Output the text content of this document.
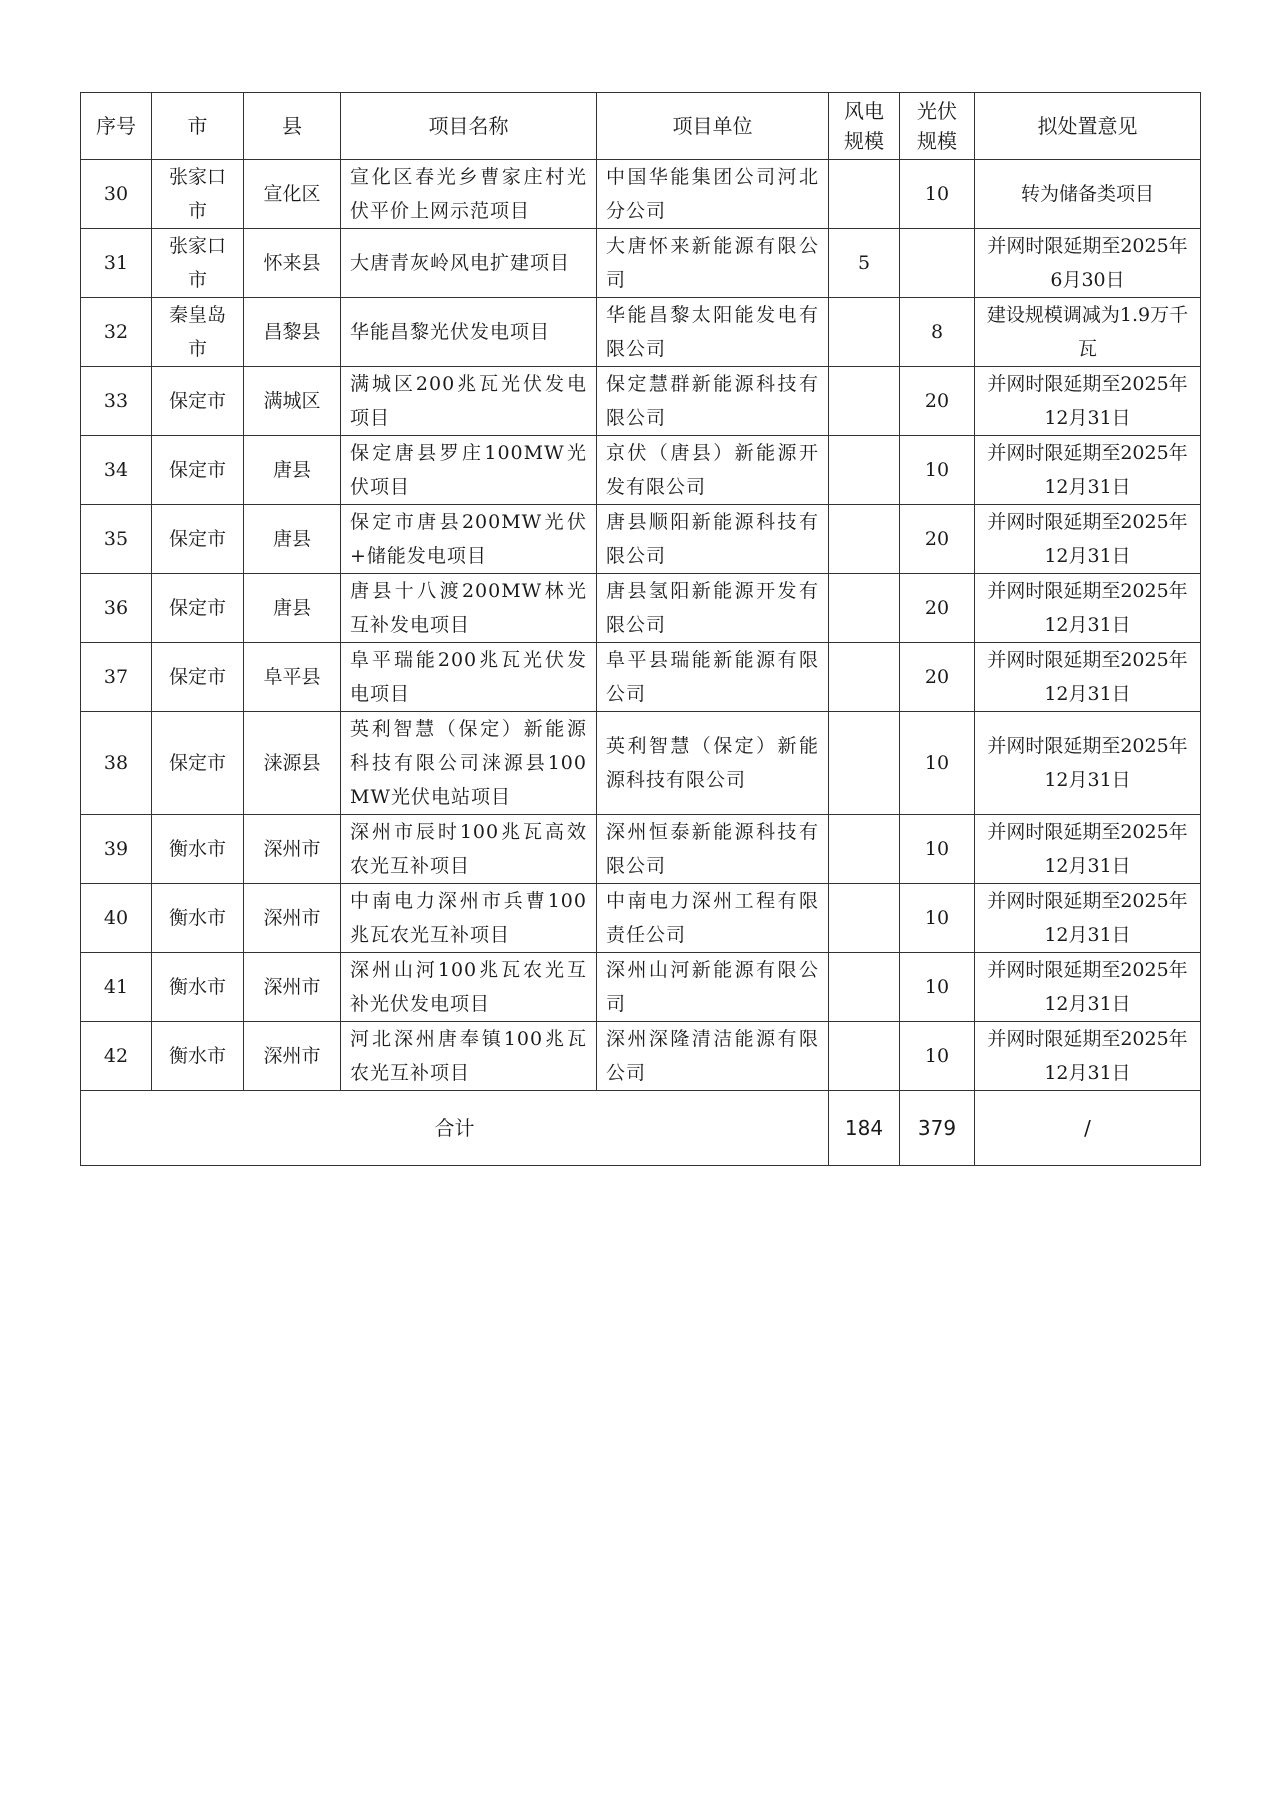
序号	市	县	项目名称	项目单位	风电规模	光伏规模	拟处置意见
30	张家口市	宣化区	宣化区春光乡曹家庄村光伏平价上网示范项目	中国华能集团公司河北分公司		10	转为储备类项目
31	张家口市	怀来县	大唐青灰岭风电扩建项目	大唐怀来新能源有限公司	5		并网时限延期至2025年6月30日
32	秦皇岛市	昌黎县	华能昌黎光伏发电项目	华能昌黎太阳能发电有限公司		8	建设规模调减为1.9万千瓦
33	保定市	满城区	满城区200兆瓦光伏发电项目	保定慧群新能源科技有限公司		20	并网时限延期至2025年12月31日
34	保定市	唐县	保定唐县罗庄100MW光伏项目	京伏（唐县）新能源开发有限公司		10	并网时限延期至2025年12月31日
35	保定市	唐县	保定市唐县200MW光伏+储能发电项目	唐县顺阳新能源科技有限公司		20	并网时限延期至2025年12月31日
36	保定市	唐县	唐县十八渡200MW林光互补发电项目	唐县氢阳新能源开发有限公司		20	并网时限延期至2025年12月31日
37	保定市	阜平县	阜平瑞能200兆瓦光伏发电项目	阜平县瑞能新能源有限公司		20	并网时限延期至2025年12月31日
38	保定市	涞源县	英利智慧（保定）新能源科技有限公司涞源县100MW光伏电站项目	英利智慧（保定）新能源科技有限公司		10	并网时限延期至2025年12月31日
39	衡水市	深州市	深州市辰时100兆瓦高效农光互补项目	深州恒泰新能源科技有限公司		10	并网时限延期至2025年12月31日
40	衡水市	深州市	中南电力深州市兵曹100兆瓦农光互补项目	中南电力深州工程有限责任公司		10	并网时限延期至2025年12月31日
41	衡水市	深州市	深州山河100兆瓦农光互补光伏发电项目	深州山河新能源有限公司		10	并网时限延期至2025年12月31日
42	衡水市	深州市	河北深州唐奉镇100兆瓦农光互补项目	深州深隆清洁能源有限公司		10	并网时限延期至2025年12月31日
合计					184	379	/
